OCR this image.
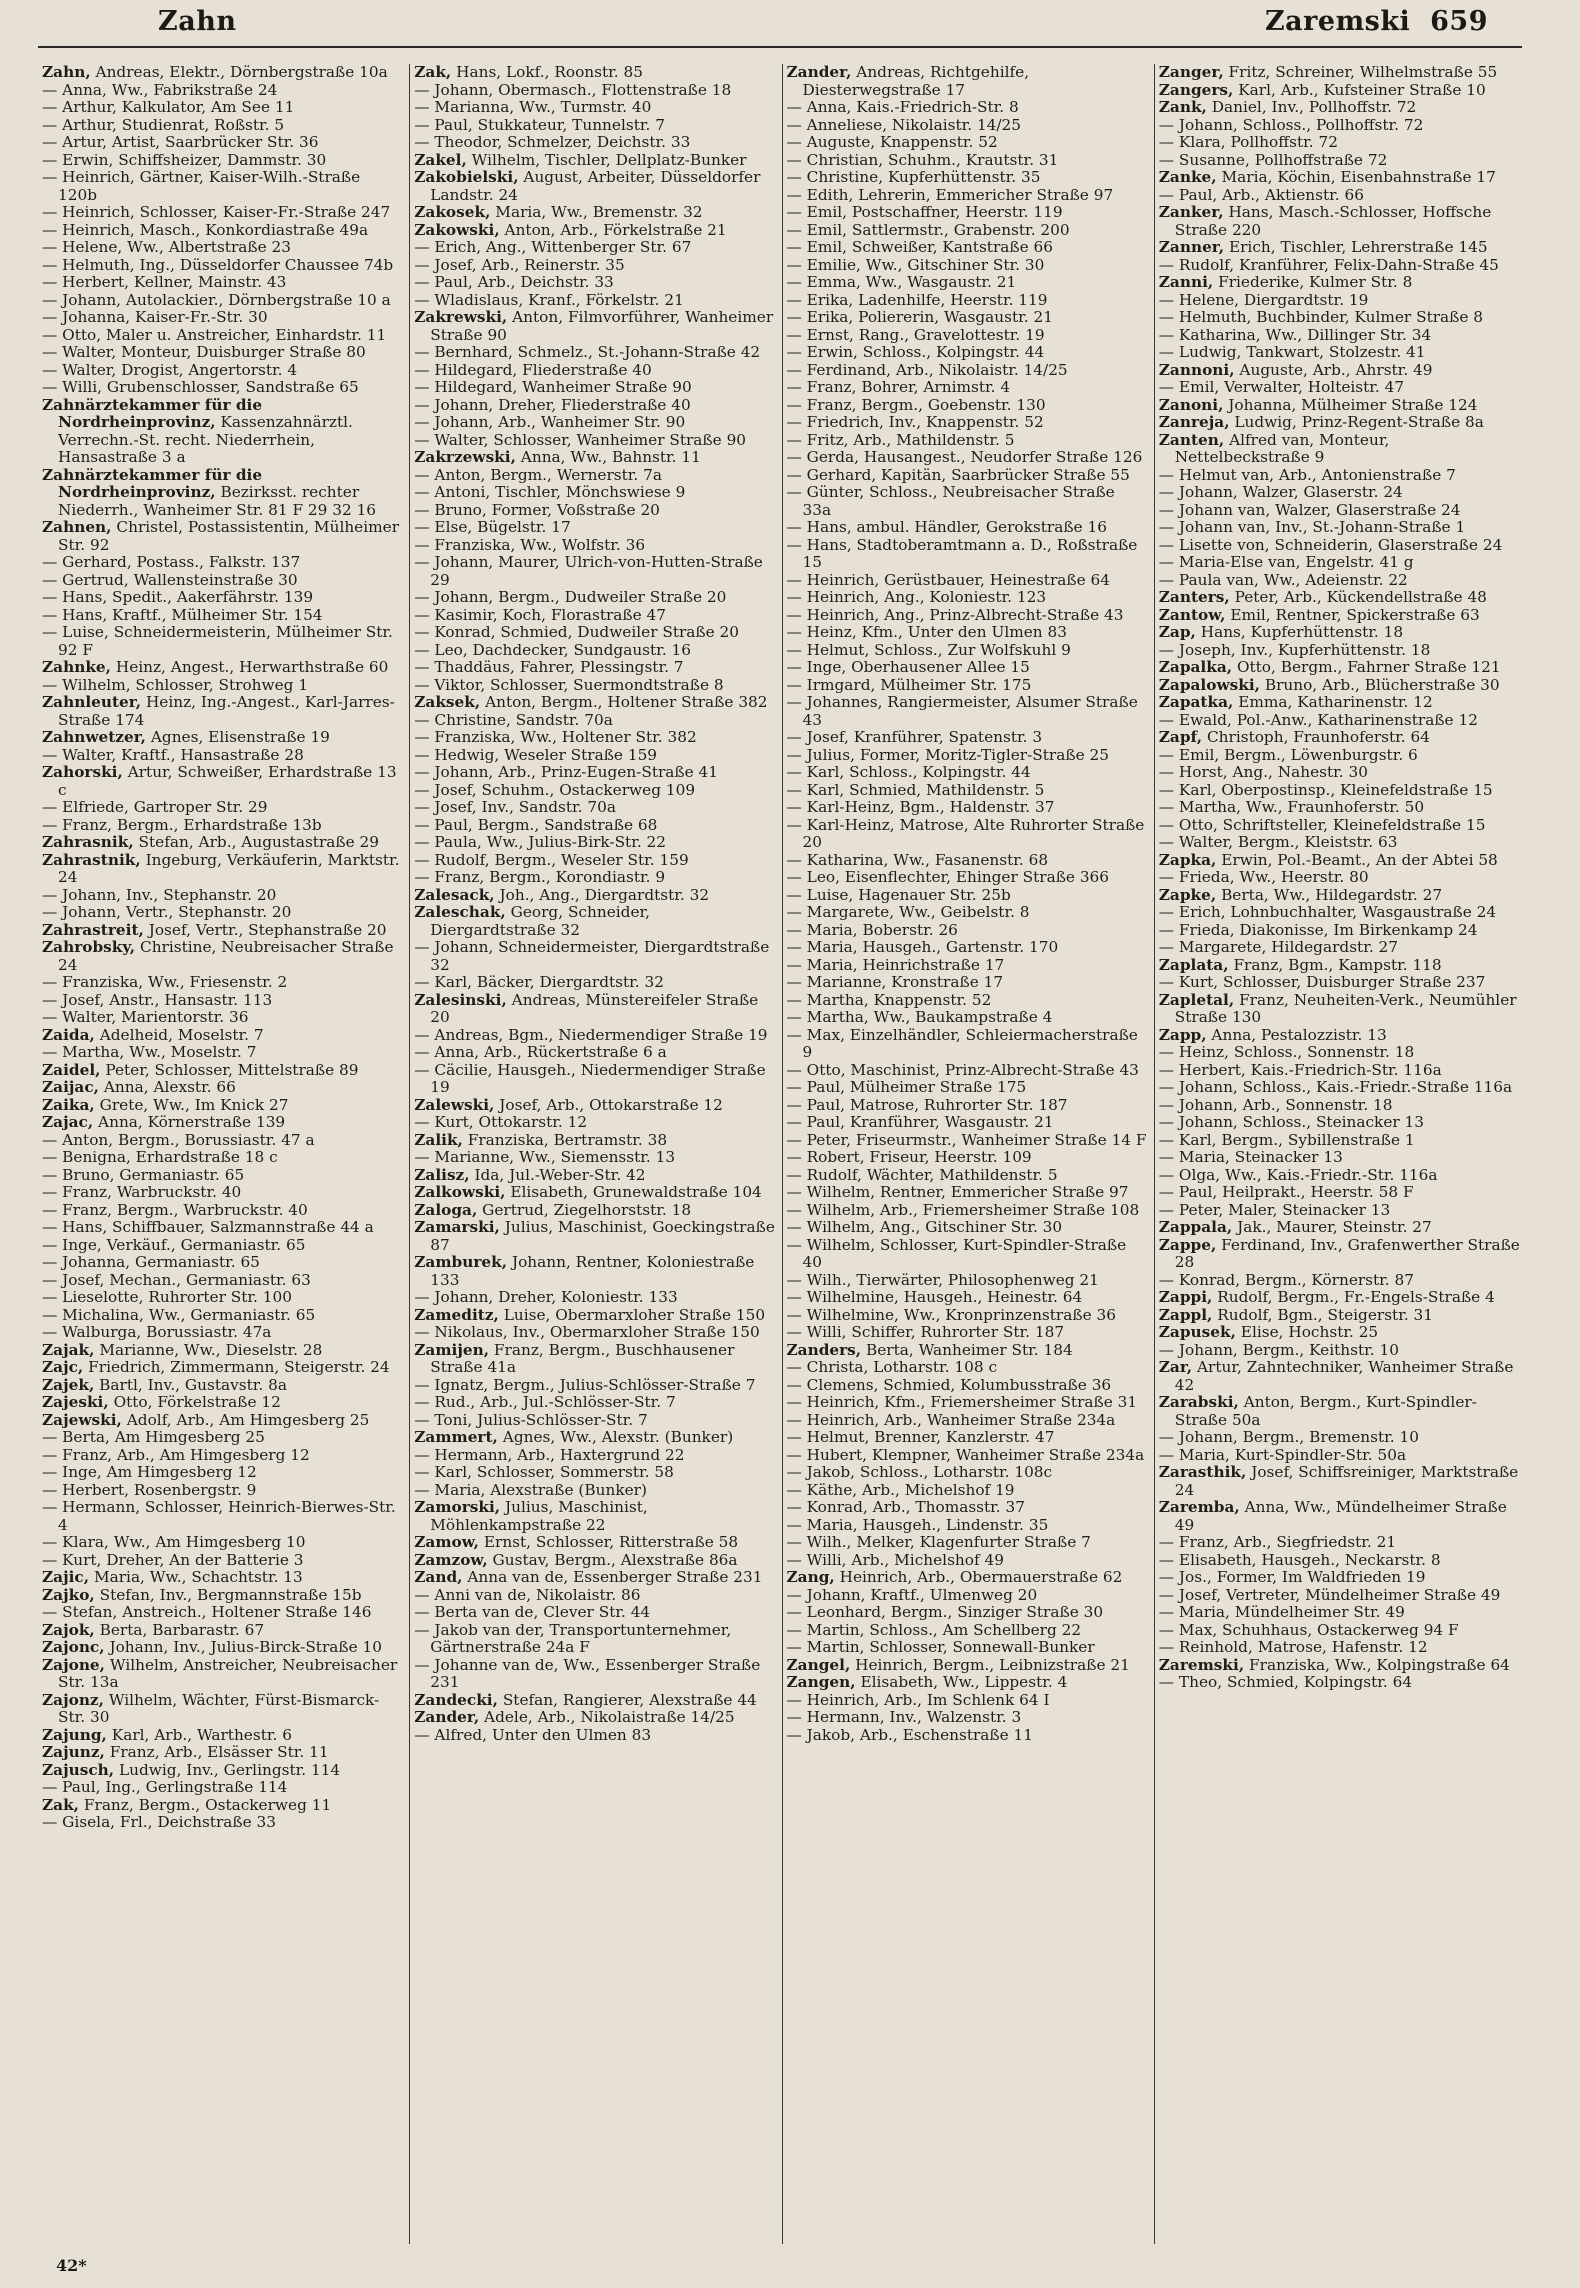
Zahn	Zaremski 659
Zahn, Andreas, Elektr., Dörnbergstraße 10a
— Anna, Ww., Fabrikstraße 24
— Arthur, Kalkulator, Am See 11
— Arthur, Studienrat, Roßstr. 5
— Artur, Artist, Saarbrücker Str. 36
— Erwin, Schiffsheizer, Dammstr. 30
— Heinrich, Gärtner, Kaiser-Wilh.-Straße 120b
— Heinrich, Schlosser, Kaiser-Fr.-Straße 247
— Heinrich, Masch., Konkordiastraße 49a
— Helene, Ww., Albertstraße 23
— Helmuth, Ing., Düsseldorfer Chaussee 74b
— Herbert, Kellner, Mainstr. 43
— Johann, Autolackier., Dörnbergstraße 10 a
— Johanna, Kaiser-Fr.-Str. 30
— Otto, Maler u. Anstreicher, Einhardstr. 11
— Walter, Monteur, Duisburger Straße 80
— Walter, Drogist, Angertorstr. 4
— Willi, Grubenschlosser, Sandstraße 65
Zahnärztekammer für die Nordrheinprovinz, Kassenzahnärztl. Verrechn.-St. recht. Niederrhein, Hansastraße 3 a
Zahnärztekammer für die Nordrheinprovinz, Bezirksst. rechter Niederrh., Wanheimer Str. 81 F 29 32 16
Zahnen, Christel, Postassistentin, Mülheimer Str. 92
— Gerhard, Postass., Falkstr. 137
— Gertrud, Wallensteinstraße 30
— Hans, Spedit., Aakerfährstr. 139
— Hans, Kraftf., Mülheimer Str. 154
— Luise, Schneidermeisterin, Mülheimer Str. 92 F
Zahnke, Heinz, Angest., Herwarthstraße 60
— Wilhelm, Schlosser, Strohweg 1
Zahnleuter, Heinz, Ing.-Angest., Karl-Jarres-Straße 174
Zahnwetzer, Agnes, Elisenstraße 19
— Walter, Kraftf., Hansastraße 28
Zahorski, Artur, Schweißer, Erhardstraße 13 c
— Elfriede, Gartroper Str. 29
— Franz, Bergm., Erhardstraße 13b
Zahrasnik, Stefan, Arb., Augustastraße 29
Zahrastnik, Ingeburg, Verkäuferin, Marktstr. 24
— Johann, Inv., Stephanstr. 20
— Johann, Vertr., Stephanstr. 20
Zahrastreit, Josef, Vertr., Stephanstraße 20
Zahrobsky, Christine, Neubreisacher Straße 24
— Franziska, Ww., Friesenstr. 2
— Josef, Anstr., Hansastr. 113
— Walter, Marientorstr. 36
Zaida, Adelheid, Moselstr. 7
— Martha, Ww., Moselstr. 7
Zaidel, Peter, Schlosser, Mittelstraße 89
Zaijac, Anna, Alexstr. 66
Zaika, Grete, Ww., Im Knick 27
Zajac, Anna, Körnerstraße 139
— Anton, Bergm., Borussiastr. 47 a
— Benigna, Erhardstraße 18 c
— Bruno, Germaniastr. 65
— Franz, Warbruckstr. 40
— Franz, Bergm., Warbruckstr. 40
— Hans, Schiffbauer, Salzmannstraße 44 a
— Inge, Verkäuf., Germaniastr. 65
— Johanna, Germaniastr. 65
— Josef, Mechan., Germaniastr. 63
— Lieselotte, Ruhrorter Str. 100
— Michalina, Ww., Germaniastr. 65
— Walburga, Borussiastr. 47a
Zajak, Marianne, Ww., Dieselstr. 28
Zajc, Friedrich, Zimmermann, Steigerstr. 24
Zajek, Bartl, Inv., Gustavstr. 8a
Zajeski, Otto, Förkelstraße 12
Zajewski, Adolf, Arb., Am Himgesberg 25
— Berta, Am Himgesberg 25
— Franz, Arb., Am Himgesberg 12
— Inge, Am Himgesberg 12
— Herbert, Rosenbergstr. 9
— Hermann, Schlosser, Heinrich-Bierwes-Str. 4
— Klara, Ww., Am Himgesberg 10
— Kurt, Dreher, An der Batterie 3
Zajic, Maria, Ww., Schachtstr. 13
Zajko, Stefan, Inv., Bergmannstraße 15b
— Stefan, Anstreich., Holtener Straße 146
Zajok, Berta, Barbarastr. 67
Zajonc, Johann, Inv., Julius-Birck-Straße 10
Zajone, Wilhelm, Anstreicher, Neubreisacher Str. 13a
Zajonz, Wilhelm, Wächter, Fürst-Bismarck-Str. 30
Zajung, Karl, Arb., Warthestr. 6
Zajunz, Franz, Arb., Elsässer Str. 11
Zajusch, Ludwig, Inv., Gerlingstr. 114
— Paul, Ing., Gerlingstraße 114
Zak, Franz, Bergm., Ostackerweg 11
— Gisela, Frl., Deichstraße 33
Zak, Hans, Lokf., Roonstr. 85
— Johann, Obermasch., Flottenstraße 18
— Marianna, Ww., Turmstr. 40
— Paul, Stukkateur, Tunnelstr. 7
— Theodor, Schmelzer, Deichstr. 33
Zakel, Wilhelm, Tischler, Dellplatz-Bunker
Zakobielski, August, Arbeiter, Düsseldorfer Landstr. 24
Zakosek, Maria, Ww., Bremenstr. 32
Zakowski, Anton, Arb., Förkelstraße 21
— Erich, Ang., Wittenberger Str. 67
— Josef, Arb., Reinerstr. 35
— Paul, Arb., Deichstr. 33
— Wladislaus, Kranf., Förkelstr. 21
Zakrewski, Anton, Filmvorführer, Wanheimer Straße 90
— Bernhard, Schmelz., St.-Johann-Straße 42
— Hildegard, Fliederstraße 40
— Hildegard, Wanheimer Straße 90
— Johann, Dreher, Fliederstraße 40
— Johann, Arb., Wanheimer Str. 90
— Walter, Schlosser, Wanheimer Straße 90
Zakrzewski, Anna, Ww., Bahnstr. 11
— Anton, Bergm., Wernerstr. 7a
— Antoni, Tischler, Mönchswiese 9
— Bruno, Former, Voßstraße 20
— Else, Bügelstr. 17
— Franziska, Ww., Wolfstr. 36
— Johann, Maurer, Ulrich-von-Hutten-Straße 29
— Johann, Bergm., Dudweiler Straße 20
— Kasimir, Koch, Florastraße 47
— Konrad, Schmied, Dudweiler Straße 20
— Leo, Dachdecker, Sundgaustr. 16
— Thaddäus, Fahrer, Plessingstr. 7
— Viktor, Schlosser, Suermondtstraße 8
Zaksek, Anton, Bergm., Holtener Straße 382
— Christine, Sandstr. 70a
— Franziska, Ww., Holtener Str. 382
— Hedwig, Weseler Straße 159
— Johann, Arb., Prinz-Eugen-Straße 41
— Josef, Schuhm., Ostackerweg 109
— Josef, Inv., Sandstr. 70a
— Paul, Bergm., Sandstraße 68
— Paula, Ww., Julius-Birk-Str. 22
— Rudolf, Bergm., Weseler Str. 159
— Franz, Bergm., Korondiastr. 9
Zalesack, Joh., Ang., Diergardtstr. 32
Zaleschak, Georg, Schneider, Diergardtstraße 32
— Johann, Schneidermeister, Diergardtstraße 32
— Karl, Bäcker, Diergardtstr. 32
Zalesinski, Andreas, Münstereifeler Straße 20
— Andreas, Bgm., Niedermendiger Straße 19
— Anna, Arb., Rückertstraße 6 a
— Cäcilie, Hausgeh., Niedermendiger Straße 19
Zalewski, Josef, Arb., Ottokarstraße 12
— Kurt, Ottokarstr. 12
Zalik, Franziska, Bertramstr. 38
— Marianne, Ww., Siemensstr. 13
Zalisz, Ida, Jul.-Weber-Str. 42
Zalkowski, Elisabeth, Grunewaldstraße 104
Zaloga, Gertrud, Ziegelhorststr. 18
Zamarski, Julius, Maschinist, Goeckingstraße 87
Zamburek, Johann, Rentner, Koloniestraße 133
— Johann, Dreher, Koloniestr. 133
Zameditz, Luise, Obermarxloher Straße 150
— Nikolaus, Inv., Obermarxloher Straße 150
Zamijen, Franz, Bergm., Buschhausener Straße 41a
— Ignatz, Bergm., Julius-Schlösser-Straße 7
— Rud., Arb., Jul.-Schlösser-Str. 7
— Toni, Julius-Schlösser-Str. 7
Zammert, Agnes, Ww., Alexstr. (Bunker)
— Hermann, Arb., Haxtergrund 22
— Karl, Schlosser, Sommerstr. 58
— Maria, Alexstraße (Bunker)
Zamorski, Julius, Maschinist, Möhlenkampstraße 22
Zamow, Ernst, Schlosser, Ritterstraße 58
Zamzow, Gustav, Bergm., Alexstraße 86a
Zand, Anna van de, Essenberger Straße 231
— Anni van de, Nikolaistr. 86
— Berta van de, Clever Str. 44
— Jakob van der, Transportunternehmer, Gärtnerstraße 24a F
— Johanne van de, Ww., Essenberger Straße 231
Zandecki, Stefan, Rangierer, Alexstraße 44
Zander, Adele, Arb., Nikolaistraße 14/25
— Alfred, Unter den Ulmen 83
Zander, Andreas, Richtgehilfe, Diesterwegstraße 17
— Anna, Kais.-Friedrich-Str. 8
— Anneliese, Nikolaistr. 14/25
— Auguste, Knappenstr. 52
— Christian, Schuhm., Krautstr. 31
— Christine, Kupferhüttenstr. 35
— Edith, Lehrerin, Emmericher Straße 97
— Emil, Postschaffner, Heerstr. 119
— Emil, Sattlermstr., Grabenstr. 200
— Emil, Schweißer, Kantstraße 66
— Emilie, Ww., Gitschiner Str. 30
— Emma, Ww., Wasgaustr. 21
— Erika, Ladenhilfe, Heerstr. 119
— Erika, Poliererin, Wasgaustr. 21
— Ernst, Rang., Gravelottestr. 19
— Erwin, Schloss., Kolpingstr. 44
— Ferdinand, Arb., Nikolaistr. 14/25
— Franz, Bohrer, Arnimstr. 4
— Franz, Bergm., Goebenstr. 130
— Friedrich, Inv., Knappenstr. 52
— Fritz, Arb., Mathildenstr. 5
— Gerda, Hausangest., Neudorfer Straße 126
— Gerhard, Kapitän, Saarbrücker Straße 55
— Günter, Schloss., Neubreisacher Straße 33a
— Hans, ambul. Händler, Gerokstraße 16
— Hans, Stadtoberamtmann a. D., Roßstraße 15
— Heinrich, Gerüstbauer, Heinestraße 64
— Heinrich, Ang., Koloniestr. 123
— Heinrich, Ang., Prinz-Albrecht-Straße 43
— Heinz, Kfm., Unter den Ulmen 83
— Helmut, Schloss., Zur Wolfskuhl 9
— Inge, Oberhausener Allee 15
— Irmgard, Mülheimer Str. 175
— Johannes, Rangiermeister, Alsumer Straße 43
— Josef, Kranführer, Spatenstr. 3
— Julius, Former, Moritz-Tigler-Straße 25
— Karl, Schloss., Kolpingstr. 44
— Karl, Schmied, Mathildenstr. 5
— Karl-Heinz, Bgm., Haldenstr. 37
— Karl-Heinz, Matrose, Alte Ruhrorter Straße 20
— Katharina, Ww., Fasanenstr. 68
— Leo, Eisenflechter, Ehinger Straße 366
— Luise, Hagenauer Str. 25b
— Margarete, Ww., Geibelstr. 8
— Maria, Boberstr. 26
— Maria, Hausgeh., Gartenstr. 170
— Maria, Heinrichstraße 17
— Marianne, Kronstraße 17
— Martha, Knappenstr. 52
— Martha, Ww., Baukampstraße 4
— Max, Einzelhändler, Schleiermacherstraße 9
— Otto, Maschinist, Prinz-Albrecht-Straße 43
— Paul, Mülheimer Straße 175
— Paul, Matrose, Ruhrorter Str. 187
— Paul, Kranführer, Wasgaustr. 21
— Peter, Friseurmstr., Wanheimer Straße 14 F
— Robert, Friseur, Heerstr. 109
— Rudolf, Wächter, Mathildenstr. 5
— Wilhelm, Rentner, Emmericher Straße 97
— Wilhelm, Arb., Friemersheimer Straße 108
— Wilhelm, Ang., Gitschiner Str. 30
— Wilhelm, Schlosser, Kurt-Spindler-Straße 40
— Wilh., Tierwärter, Philosophenweg 21
— Wilhelmine, Hausgeh., Heinestr. 64
— Wilhelmine, Ww., Kronprinzenstraße 36
— Willi, Schiffer, Ruhrorter Str. 187
Zanders, Berta, Wanheimer Str. 184
— Christa, Lotharstr. 108 c
— Clemens, Schmied, Kolumbusstraße 36
— Heinrich, Kfm., Friemersheimer Straße 31
— Heinrich, Arb., Wanheimer Straße 234a
— Helmut, Brenner, Kanzlerstr. 47
— Hubert, Klempner, Wanheimer Straße 234a
— Jakob, Schloss., Lotharstr. 108c
— Käthe, Arb., Michelshof 19
— Konrad, Arb., Thomasstr. 37
— Maria, Hausgeh., Lindenstr. 35
— Wilh., Melker, Klagenfurter Straße 7
— Willi, Arb., Michelshof 49
Zang, Heinrich, Arb., Obermauerstraße 62
— Johann, Kraftf., Ulmenweg 20
— Leonhard, Bergm., Sinziger Straße 30
— Martin, Schloss., Am Schellberg 22
— Martin, Schlosser, Sonnewall-Bunker
Zangel, Heinrich, Bergm., Leibnizstraße 21
Zangen, Elisabeth, Ww., Lippestr. 4
— Heinrich, Arb., Im Schlenk 64 I
— Hermann, Inv., Walzenstr. 3
— Jakob, Arb., Eschenstraße 11
Zanger, Fritz, Schreiner, Wilhelmstraße 55
Zangers, Karl, Arb., Kufsteiner Straße 10
Zank, Daniel, Inv., Pollhoffstr. 72
— Johann, Schloss., Pollhoffstr. 72
— Klara, Pollhoffstr. 72
— Susanne, Pollhoffstraße 72
Zanke, Maria, Köchin, Eisenbahnstraße 17
— Paul, Arb., Aktienstr. 66
Zanker, Hans, Masch.-Schlosser, Hoffsche Straße 220
Zanner, Erich, Tischler, Lehrerstraße 145
— Rudolf, Kranführer, Felix-Dahn-Straße 45
Zanni, Friederike, Kulmer Str. 8
— Helene, Diergardtstr. 19
— Helmuth, Buchbinder, Kulmer Straße 8
— Katharina, Ww., Dillinger Str. 34
— Ludwig, Tankwart, Stolzestr. 41
Zannoni, Auguste, Arb., Ahrstr. 49
— Emil, Verwalter, Holteistr. 47
Zanoni, Johanna, Mülheimer Straße 124
Zanreja, Ludwig, Prinz-Regent-Straße 8a
Zanten, Alfred van, Monteur, Nettelbeckstraße 9
— Helmut van, Arb., Antonienstraße 7
— Johann, Walzer, Glaserstr. 24
— Johann van, Walzer, Glaserstraße 24
— Johann van, Inv., St.-Johann-Straße 1
— Lisette von, Schneiderin, Glaserstraße 24
— Maria-Else van, Engelstr. 41 g
— Paula van, Ww., Adeienstr. 22
Zanters, Peter, Arb., Kückendellstraße 48
Zantow, Emil, Rentner, Spickerstraße 63
Zap, Hans, Kupferhüttenstr. 18
— Joseph, Inv., Kupferhüttenstr. 18
Zapalka, Otto, Bergm., Fahrner Straße 121
Zapalowski, Bruno, Arb., Blücherstraße 30
Zapatka, Emma, Katharinenstr. 12
— Ewald, Pol.-Anw., Katharinenstraße 12
Zapf, Christoph, Fraunhoferstr. 64
— Emil, Bergm., Löwenburgstr. 6
— Horst, Ang., Nahestr. 30
— Karl, Oberpostinsp., Kleinefeldstraße 15
— Martha, Ww., Fraunhoferstr. 50
— Otto, Schriftsteller, Kleinefeldstraße 15
— Walter, Bergm., Kleiststr. 63
Zapka, Erwin, Pol.-Beamt., An der Abtei 58
— Frieda, Ww., Heerstr. 80
Zapke, Berta, Ww., Hildegardstr. 27
— Erich, Lohnbuchhalter, Wasgaustraße 24
— Frieda, Diakonisse, Im Birkenkamp 24
— Margarete, Hildegardstr. 27
Zaplata, Franz, Bgm., Kampstr. 118
— Kurt, Schlosser, Duisburger Straße 237
Zapletal, Franz, Neuheiten-Verk., Neumühler Straße 130
Zapp, Anna, Pestalozzistr. 13
— Heinz, Schloss., Sonnenstr. 18
— Herbert, Kais.-Friedrich-Str. 116a
— Johann, Schloss., Kais.-Friedr.-Straße 116a
— Johann, Arb., Sonnenstr. 18
— Johann, Schloss., Steinacker 13
— Karl, Bergm., Sybillenstraße 1
— Maria, Steinacker 13
— Olga, Ww., Kais.-Friedr.-Str. 116a
— Paul, Heilprakt., Heerstr. 58 F
— Peter, Maler, Steinacker 13
Zappala, Jak., Maurer, Steinstr. 27
Zappe, Ferdinand, Inv., Grafenwerther Straße 28
— Konrad, Bergm., Körnerstr. 87
Zappi, Rudolf, Bergm., Fr.-Engels-Straße 4
Zappl, Rudolf, Bgm., Steigerstr. 31
Zapusek, Elise, Hochstr. 25
— Johann, Bergm., Keithstr. 10
Zar, Artur, Zahntechniker, Wanheimer Straße 42
Zarabski, Anton, Bergm., Kurt-Spindler-Straße 50a
— Johann, Bergm., Bremenstr. 10
— Maria, Kurt-Spindler-Str. 50a
Zarasthik, Josef, Schiffsreiniger, Marktstraße 24
Zaremba, Anna, Ww., Mündelheimer Straße 49
— Franz, Arb., Siegfriedstr. 21
— Elisabeth, Hausgeh., Neckarstr. 8
— Jos., Former, Im Waldfrieden 19
— Josef, Vertreter, Mündelheimer Straße 49
— Maria, Mündelheimer Str. 49
— Max, Schuhhaus, Ostackerweg 94 F
— Reinhold, Matrose, Hafenstr. 12
Zaremski, Franziska, Ww., Kolpingstraße 64
— Theo, Schmied, Kolpingstr. 64
42*
